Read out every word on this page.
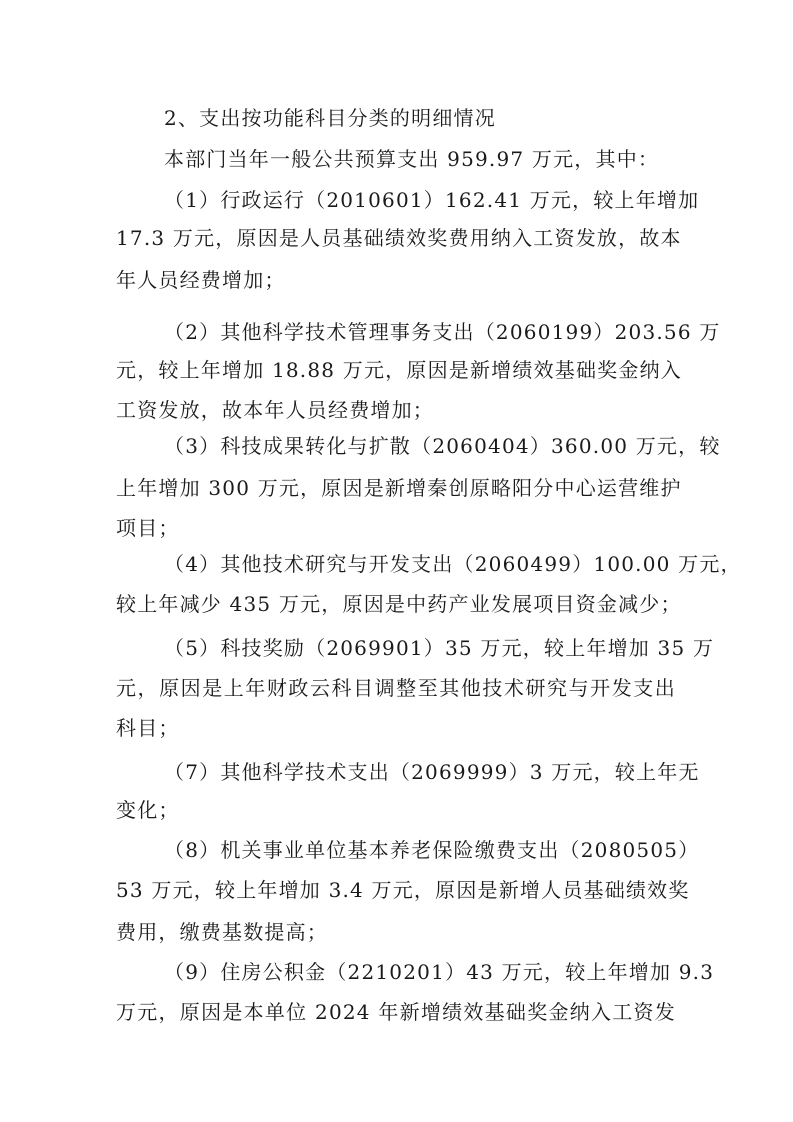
2、支出按功能科目分类的明细情况
本部门当年一般公共预算支出 959.97 万元，其中：
（1）行政运行（2010601）162.41 万元，较上年增加
17.3 万元，原因是人员基础绩效奖费用纳入工资发放，故本
年人员经费增加；
（2）其他科学技术管理事务支出（2060199）203.56 万
元，较上年增加 18.88 万元，原因是新增绩效基础奖金纳入
工资发放，故本年人员经费增加；
（3）科技成果转化与扩散（2060404）360.00 万元，较
上年增加 300 万元，原因是新增秦创原略阳分中心运营维护
项目；
（4）其他技术研究与开发支出（2060499）100.00 万元，
较上年减少 435 万元，原因是中药产业发展项目资金减少；
（5）科技奖励（2069901）35 万元，较上年增加 35 万
元，原因是上年财政云科目调整至其他技术研究与开发支出
科目；
（7）其他科学技术支出（2069999）3 万元，较上年无
变化；
（8）机关事业单位基本养老保险缴费支出（2080505）
53 万元，较上年增加 3.4 万元，原因是新增人员基础绩效奖
费用，缴费基数提高；
（9）住房公积金（2210201）43 万元，较上年增加 9.3
万元，原因是本单位 2024 年新增绩效基础奖金纳入工资发
